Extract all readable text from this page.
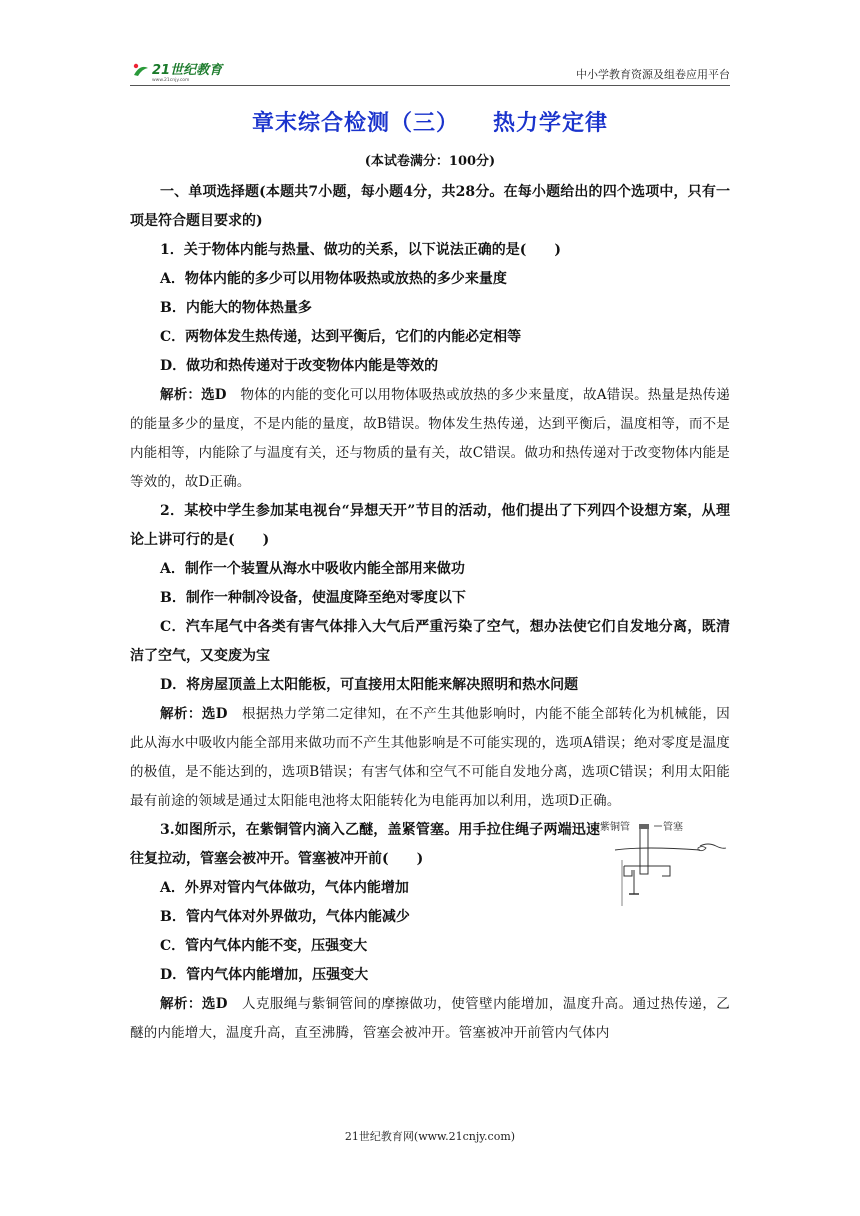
21世纪教育
www.21cnjy.com	中小学教育资源及组卷应用平台
章末综合检测（三） 热力学定律
(本试卷满分：100分)

一、单项选择题(本题共7小题，每小题4分，共28分。在每小题给出的四个选项中，只有一项是符合题目要求的)

1．关于物体内能与热量、做功的关系，以下说法正确的是(　　)

A．物体内能的多少可以用物体吸热或放热的多少来量度

B．内能大的物体热量多

C．两物体发生热传递，达到平衡后，它们的内能必定相等

D．做功和热传递对于改变物体内能是等效的

解析：选D　 物体的内能的变化可以用物体吸热或放热的多少来量度，故A错误。热量是热传递的能量多少的量度，不是内能的量度，故B错误。物体发生热传递，达到平衡后，温度相等，而不是内能相等，内能除了与温度有关，还与物质的量有关，故C错误。做功和热传递对于改变物体内能是等效的，故D正确。

2．某校中学生参加某电视台“异想天开”节目的活动，他们提出了下列四个设想方案，从理论上讲可行的是(　　)

A．制作一个装置从海水中吸收内能全部用来做功

B．制作一种制冷设备，使温度降至绝对零度以下

C．汽车尾气中各类有害气体排入大气后严重污染了空气，想办法使它们自发地分离，既清洁了空气，又变废为宝

D．将房屋顶盖上太阳能板，可直接用太阳能来解决照明和热水问题

解析：选D　 根据热力学第二定律知，在不产生其他影响时，内能不能全部转化为机械能，因此从海水中吸收内能全部用来做功而不产生其他影响是不可能实现的，选项A错误；绝对零度是温度的极值，是不能达到的，选项B错误；有害气体和空气不可能自发地分离，选项C错误；利用太阳能最有前途的领域是通过太阳能电池将太阳能转化为电能再加以利用，选项D正确。

3.如图所示，在紫铜管内滴入乙醚，盖紧管塞。用手拉住绳子两端迅速往复拉动，管塞会被冲开。管塞被冲开前(　　)

紫铜管	管塞

A．外界对管内气体做功，气体内能增加

B．管内气体对外界做功，气体内能减少

C．管内气体内能不变，压强变大

D．管内气体内能增加，压强变大

解析：选D　 人克服绳与紫铜管间的摩擦做功，使管壁内能增加，温度升高。通过热传递，乙醚的内能增大，温度升高，直至沸腾，管塞会被冲开。管塞被冲开前管内气体内

21世纪教育网(www.21cnjy.com)
